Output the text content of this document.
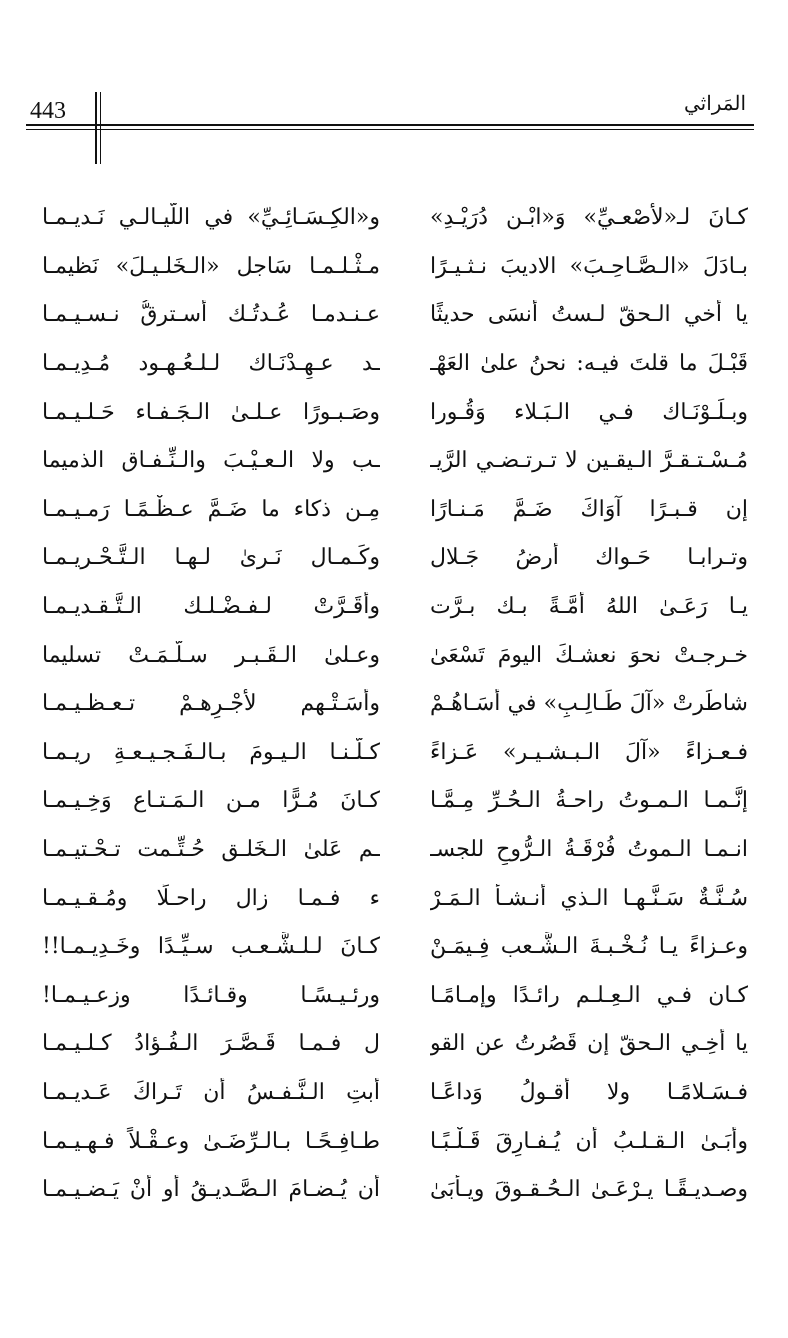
443	المَراثي
كـانَ لـ«لأصْعـيِّ» وَ«ابْـن دُرَيْـدِ»
و«الكِـسَـائِـيِّ» في اللَّيـالـي نَـديـمـا
بـادَلَ «الـصَّـاحِـبَ» الاديبَ نـثـيـرًا
مـثْـلـمـا سَاجل «الـخَلـيـلَ» نَظيمـا
يا أخي الـحقّ لـستُ أنسَى حديثًا
عـنـدمـا عُـدتُـك أسـترقُّ نـسـيـمـا
قَبْـلَ ما قلتَ فيـه: نحنُ علىٰ العَهْـ
ـد عـهِـدْنَـاك لـلـعُـهـود مُـدِيـمـا
وبـلَـوْنَـاك فـي الـبَـلاء وَقُـورا
وصَـبـورًا عـلـىٰ الـجَـفـاء حَـلـيـمـا
مُـسْـتـقـرَّ الـيقـين لا تـرتـضـي الرَّيـ
ـب ولا الـعـيْـبَ والـنِّـفـاق الذميما
إن قـبـرًا آوَاكَ ضَـمَّ مَـنـارًا
مِـن ذكاء ما ضَـمَّ عـظْـمًـا رَمـيـمـا
وتـرابـا حَـواك أرضُ جَـلال
وكَـمـال نَـرىٰ لـهـا الـتَّـحْـريـمـا
يـا رَعَـىٰ اللهُ أمَّـةً بـك بـرَّت
وأقَـرَّتْ لـفـضْـلـك الـتَّـقـديـمـا
خـرجـتْ نحوَ نعشـكَ اليومَ تَسْعَىٰ
وعـلىٰ الـقَـبـر سـلَّـمَـتْ تسليما
شاطَرتْ «آلَ طَـالِـبِ» في أسَـاهُـمْ
وأسَـتْـهم لأجْـرِهـمْ تـعـظـيـمـا
فـعـزاءً «آلَ الـبـشـيـر» عَـزاءً
كـلُّـنـا الـيـومَ بـالـفَـجـيـعـةِ ريـمـا
إنَّـمـا الـمـوتُ راحـةُ الـحُـرِّ مِـمَّـا
كـانَ مُـرًّا مـن الـمَـتـاع وَخِـيـمـا
انـمـا الـموتُ فُرْقَـةُ الـرُّوحِ للجسـ
ـم عَلىٰ الـخَلـق حُـتِّـمت تـحْـتيـمـا
سُـنَّـةٌ سَـنَّـهـا الـذي أنـشـأ الـمَـرْ
ء فـمـا زال راحـلًا ومُـقـيـمـا
وعـزاءً يـا نُـخْـبـةَ الـشَّـعب فِـيمَـنْ
كـانَ لـلـشَّـعـب سـيِّـدًا وخَـدِيـمـا!!
كـان فـي الـعِـلـم رائـدًا وإمـامًـا
ورئـيـسًـا وقـائـدًا وزعـيـمـا!
يا أخِـي الـحقّ إن قَصُرتُ عن القو
ل فـمـا قَـصَّـرَ الـفُـؤادُ كـلـيـمـا
فـسَـلامًـا ولا أقـولُ وَداعًـا
أبتِ الـنَّـفـسُ أن تَـراكَ عَـديـمـا
وأبَـىٰ الـقـلـبُ أن يُـفـارِقَ قَـلْـبًـا
طـافِـحًـا بـالـرِّضَـىٰ وعـقْـلاً فـهـيـمـا
وصـديـقًـا يـرْعَـىٰ الـحُـقـوقَ ويـأبَىٰ
أن يُـضـامَ الـصَّـديـقُ أو أنْ يَـضـيـمـا
